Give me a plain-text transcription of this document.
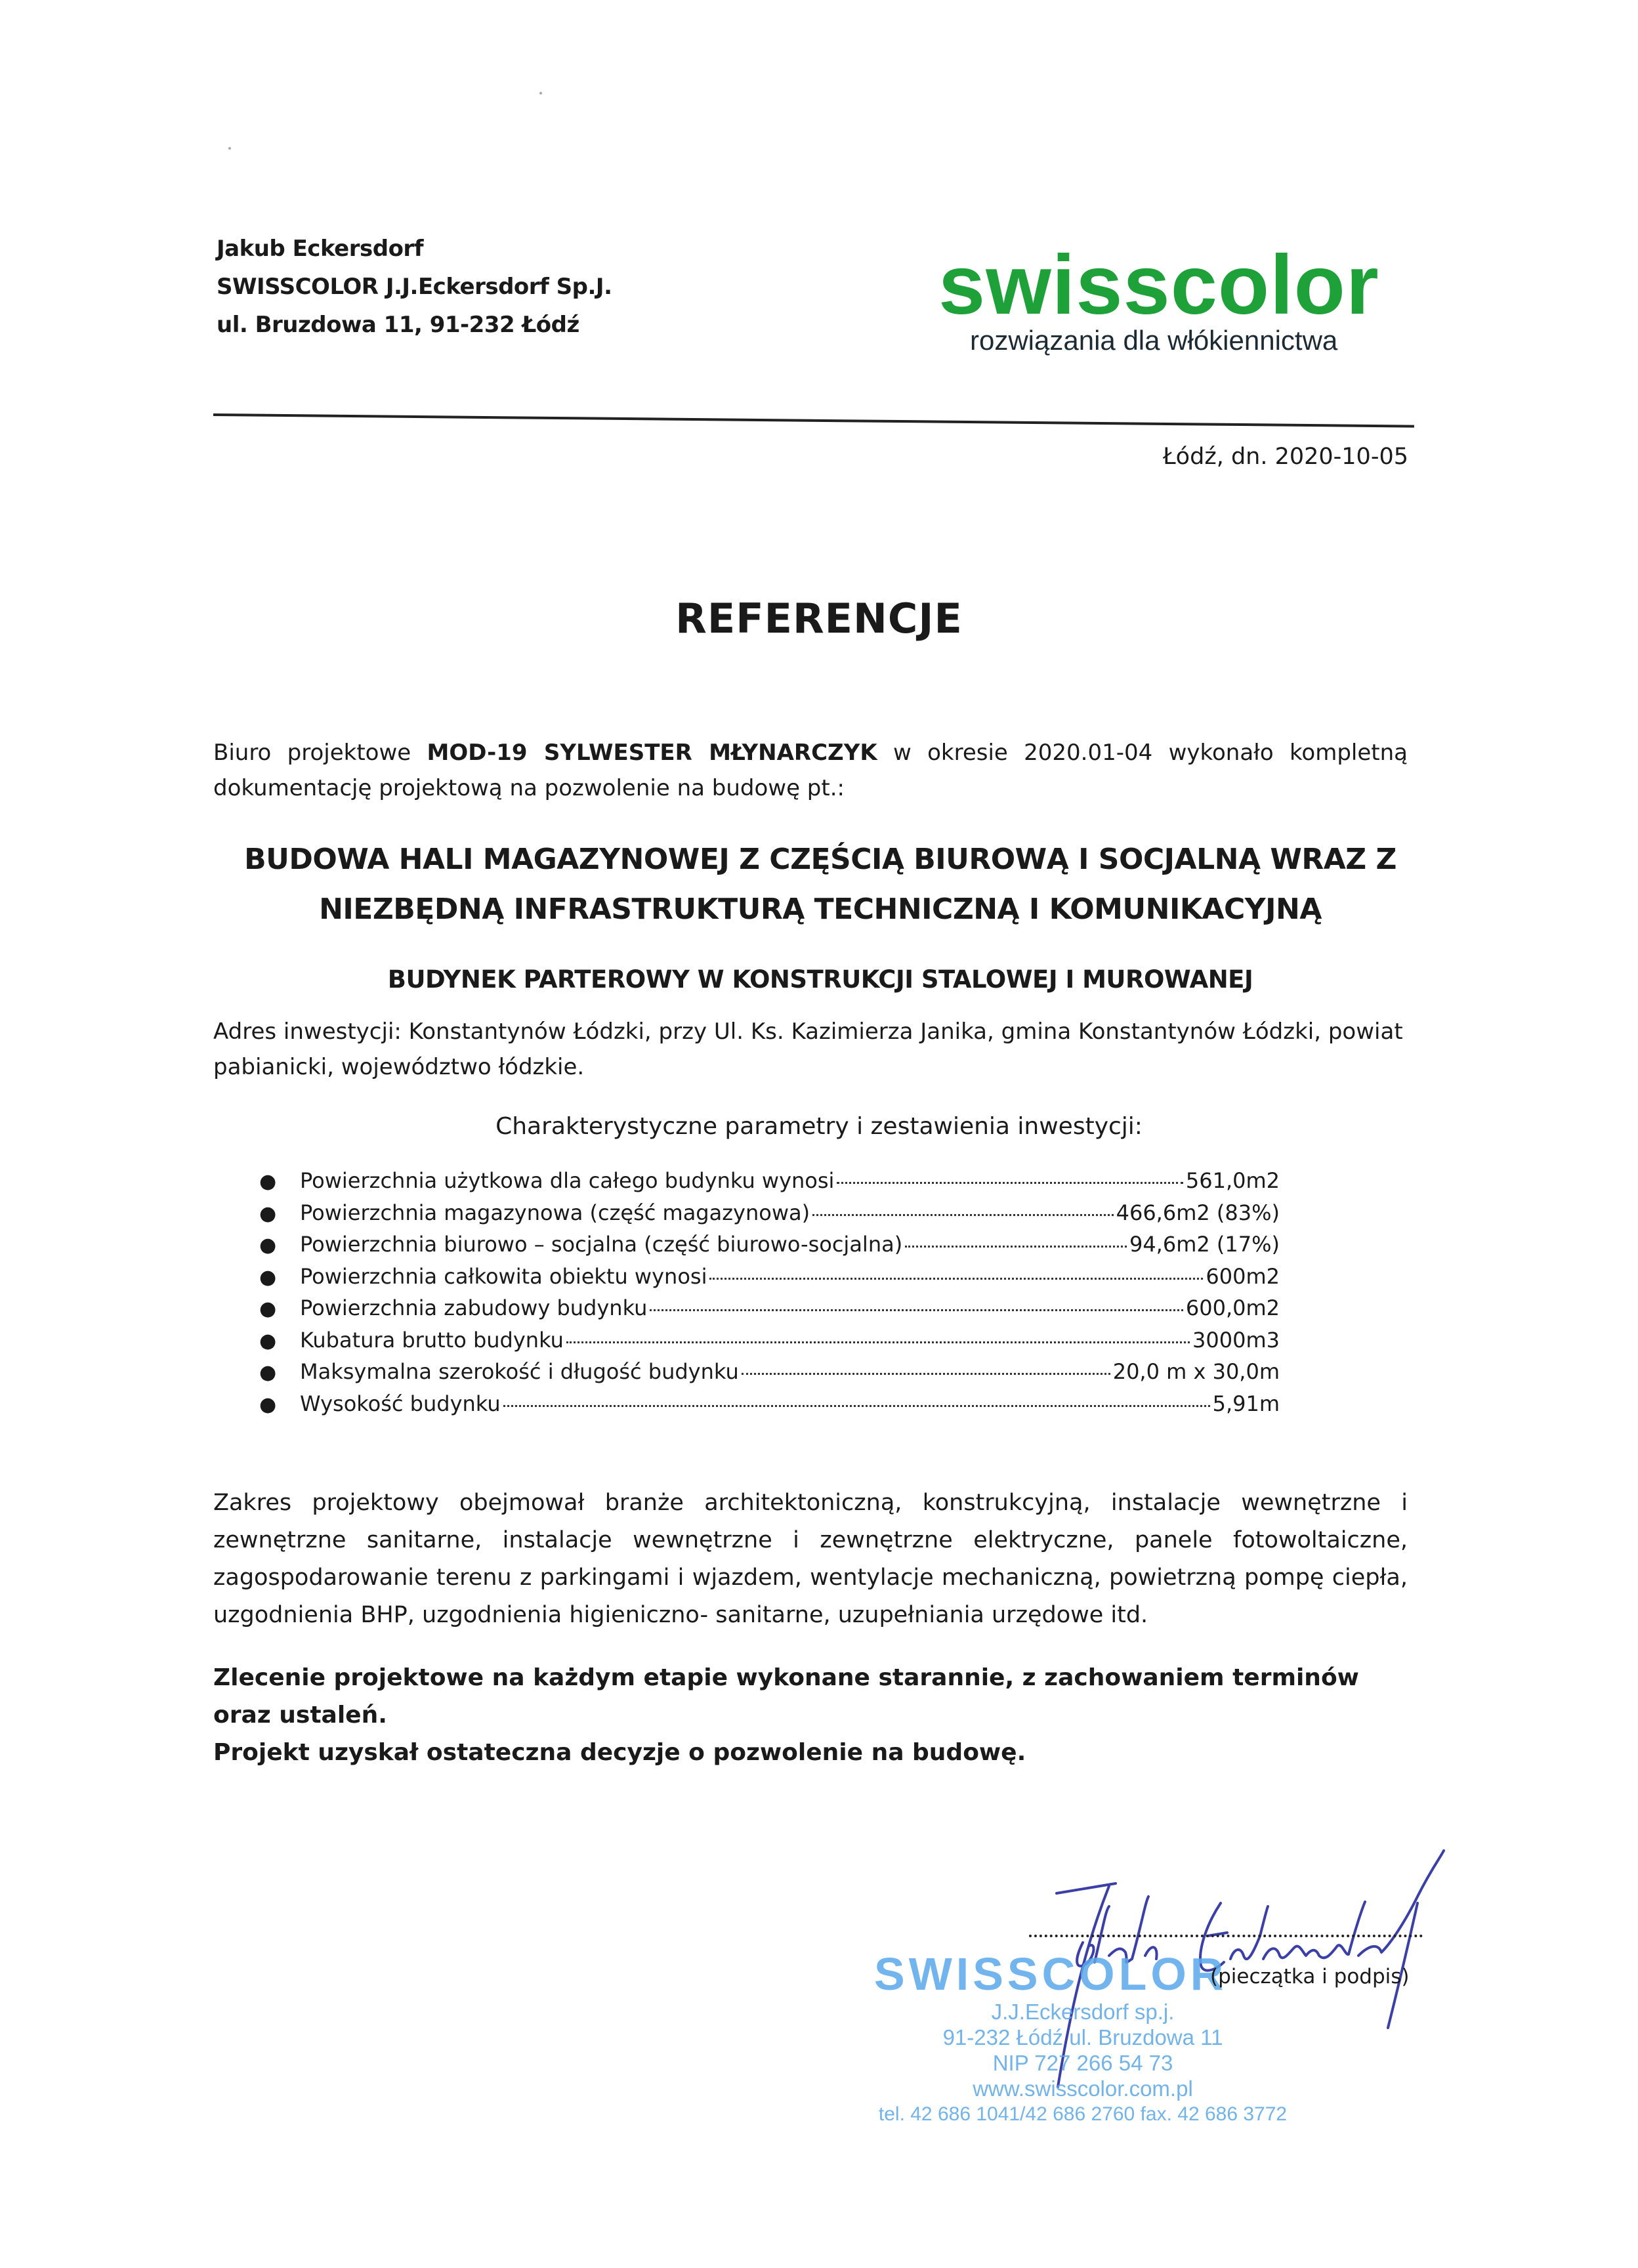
Jakub Eckersdorf
SWISSCOLOR J.J.Eckersdorf Sp.J.
ul. Bruzdowa 11, 91-232 Łódź	swisscolor
rozwiązania dla włókiennictwa
Łódź, dn. 2020-10-05
REFERENCJE
Biuro projektowe MOD-19 SYLWESTER MŁYNARCZYK w okresie 2020.01-04 wykonało kompletną dokumentację projektową na pozwolenie na budowę pt.:
BUDOWA HALI MAGAZYNOWEJ Z CZĘŚCIĄ BIUROWĄ I SOCJALNĄ WRAZ Z NIEZBĘDNĄ INFRASTRUKTURĄ TECHNICZNĄ I KOMUNIKACYJNĄ
BUDYNEK PARTEROWY W KONSTRUKCJI STALOWEJ I MUROWANEJ
Adres inwestycji: Konstantynów Łódzki, przy Ul. Ks. Kazimierza Janika, gmina Konstantynów Łódzki, powiat pabianicki, województwo łódzkie.
Charakterystyczne parametry i zestawienia inwestycji:
●	Powierzchnia użytkowa dla całego budynku wynosi	561,0m2
●	Powierzchnia magazynowa (część magazynowa)	466,6m2 (83%)
●	Powierzchnia biurowo – socjalna (część biurowo-socjalna)	94,6m2 (17%)
●	Powierzchnia całkowita obiektu wynosi	600m2
●	Powierzchnia zabudowy budynku	600,0m2
●	Kubatura brutto budynku	3000m3
●	Maksymalna szerokość i długość budynku	20,0 m x 30,0m
●	Wysokość budynku	5,91m
Zakres projektowy obejmował branże architektoniczną, konstrukcyjną, instalacje wewnętrzne i zewnętrzne sanitarne, instalacje wewnętrzne i zewnętrzne elektryczne, panele fotowoltaiczne, zagospodarowanie terenu z parkingami i wjazdem, wentylacje mechaniczną, powietrzną pompę ciepła, uzgodnienia BHP, uzgodnienia higieniczno- sanitarne, uzupełniania urzędowe itd.
Zlecenie projektowe na każdym etapie wykonane starannie, z zachowaniem terminów oraz ustaleń.
Projekt uzyskał ostateczna decyzje o pozwolenie na budowę.
SWISSCOLOR
J.J.Eckersdorf sp.j.
91-232 Łódź ul. Bruzdowa 11
NIP 727 266 54 73
www.swisscolor.com.pl
tel. 42 686 1041/42 686 2760 fax. 42 686 3772
(pieczątka i podpis)
